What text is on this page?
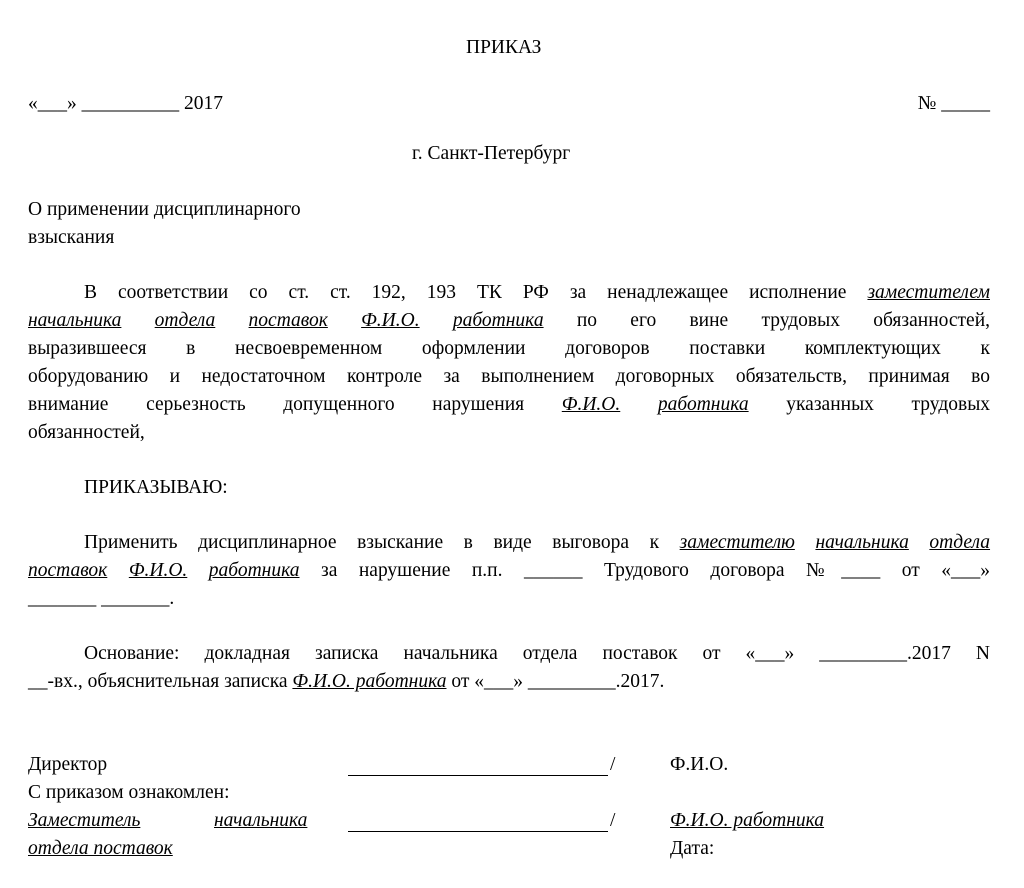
ПРИКАЗ
«___» __________ 2017	№ _____
г. Санкт-Петербург
О применении дисциплинарного
взыскания
В соответствии со ст. ст. 192, 193 ТК РФ за ненадлежащее исполнение заместителем
начальника отдела поставок Ф.И.О. работника по его вине трудовых обязанностей,
выразившееся в несвоевременном оформлении договоров поставки комплектующих к
оборудованию и недостаточном контроле за выполнением договорных обязательств, принимая во
внимание серьезность допущенного нарушения Ф.И.О. работника указанных трудовых
обязанностей,
ПРИКАЗЫВАЮ:
Применить дисциплинарное взыскание в виде выговора к заместителю начальника отдела
поставок Ф.И.О. работника за нарушение п.п. ______ Трудового договора №____ от «___»
_______ _______.
Основание: докладная записка начальника отдела поставок от «___» _________.2017 N
__-вх., объяснительная записка Ф.И.О. работника от «___» _________.2017.
Директор	/	Ф.И.О.
С приказом ознакомлен:
Заместитель	начальника	/	Ф.И.О. работника
отдела поставок	Дата:
